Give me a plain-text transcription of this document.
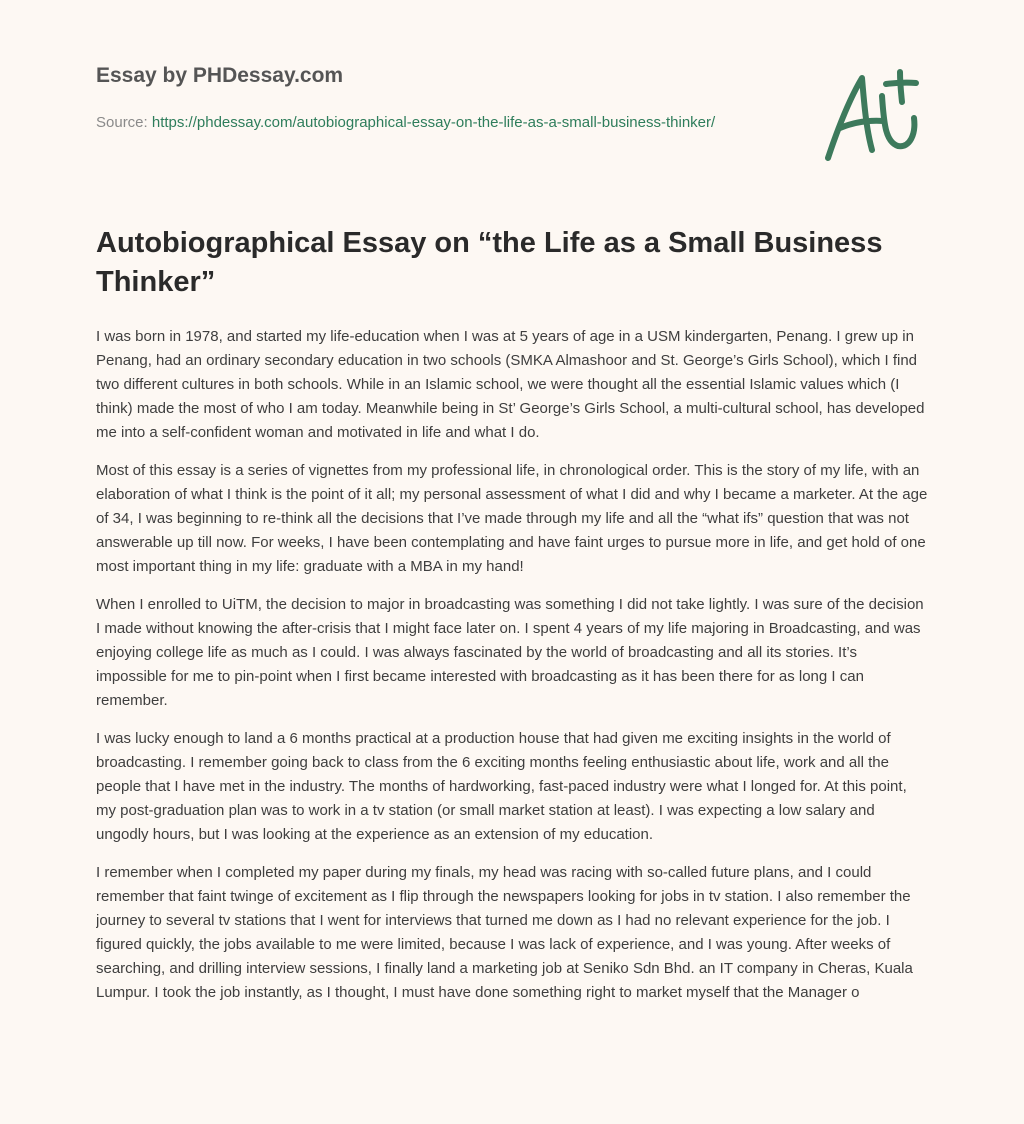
Essay by PHDessay.com
Source: https://phdessay.com/autobiographical-essay-on-the-life-as-a-small-business-thinker/
Autobiographical Essay on “the Life as a Small Business Thinker”

I was born in 1978, and started my life-education when I was at 5 years of age in a USM kindergarten, Penang. I grew up in Penang, had an ordinary secondary education in two schools (SMKA Almashoor and St. George’s Girls School), which I find two different cultures in both schools. While in an Islamic school, we were thought all the essential Islamic values which (I think) made the most of who I am today. Meanwhile being in St’ George’s Girls School, a multi-cultural school, has developed me into a self-confident woman and motivated in life and what I do.

Most of this essay is a series of vignettes from my professional life, in chronological order. This is the story of my life, with an elaboration of what I think is the point of it all; my personal assessment of what I did and why I became a marketer. At the age of 34, I was beginning to re-think all the decisions that I’ve made through my life and all the “what ifs” question that was not answerable up till now. For weeks, I have been contemplating and have faint urges to pursue more in life, and get hold of one most important thing in my life: graduate with a MBA in my hand!

When I enrolled to UiTM, the decision to major in broadcasting was something I did not take lightly. I was sure of the decision I made without knowing the after-crisis that I might face later on. I spent 4 years of my life majoring in Broadcasting, and was enjoying college life as much as I could. I was always fascinated by the world of broadcasting and all its stories. It’s impossible for me to pin-point when I first became interested with broadcasting as it has been there for as long I can remember.

I was lucky enough to land a 6 months practical at a production house that had given me exciting insights in the world of broadcasting. I remember going back to class from the 6 exciting months feeling enthusiastic about life, work and all the people that I have met in the industry. The months of hardworking, fast-paced industry were what I longed for. At this point, my post-graduation plan was to work in a tv station (or small market station at least). I was expecting a low salary and ungodly hours, but I was looking at the experience as an extension of my education.

I remember when I completed my paper during my finals, my head was racing with so-called future plans, and I could remember that faint twinge of excitement as I flip through the newspapers looking for jobs in tv station. I also remember the journey to several tv stations that I went for interviews that turned me down as I had no relevant experience for the job. I figured quickly, the jobs available to me were limited, because I was lack of experience, and I was young. After weeks of searching, and drilling interview sessions, I finally land a marketing job at Seniko Sdn Bhd. an IT company in Cheras, Kuala Lumpur. I took the job instantly, as I thought, I must have done something right to market myself that the Manager o
